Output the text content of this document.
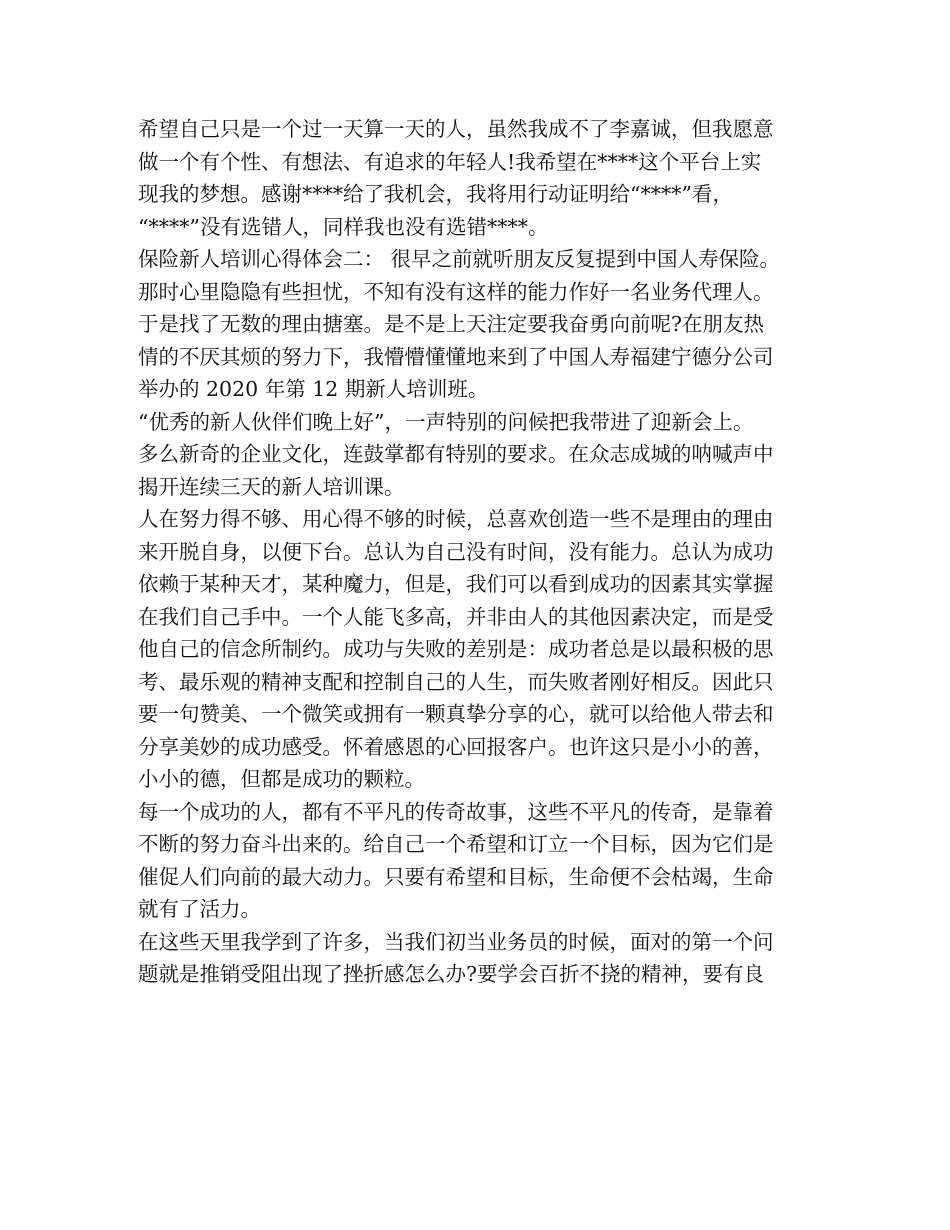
希望自己只是一个过一天算一天的人，虽然我成不了李嘉诚，但我愿意
做一个有个性、有想法、有追求的年轻人!我希望在****这个平台上实
现我的梦想。感谢****给了我机会，我将用行动证明给“****”看，
“****”没有选错人，同样我也没有选错****。
保险新人培训心得体会二： 很早之前就听朋友反复提到中国人寿保险。
那时心里隐隐有些担忧，不知有没有这样的能力作好一名业务代理人。
于是找了无数的理由搪塞。是不是上天注定要我奋勇向前呢?在朋友热
情的不厌其烦的努力下，我懵懵懂懂地来到了中国人寿福建宁德分公司
举办的 2020 年第 12 期新人培训班。
“优秀的新人伙伴们晚上好”，一声特别的问候把我带进了迎新会上。
多么新奇的企业文化，连鼓掌都有特别的要求。在众志成城的呐喊声中
揭开连续三天的新人培训课。
人在努力得不够、用心得不够的时候，总喜欢创造一些不是理由的理由
来开脱自身，以便下台。总认为自己没有时间，没有能力。总认为成功
依赖于某种天才，某种魔力，但是，我们可以看到成功的因素其实掌握
在我们自己手中。一个人能飞多高，并非由人的其他因素决定，而是受
他自己的信念所制约。成功与失败的差别是：成功者总是以最积极的思
考、最乐观的精神支配和控制自己的人生，而失败者刚好相反。因此只
要一句赞美、一个微笑或拥有一颗真挚分享的心，就可以给他人带去和
分享美妙的成功感受。怀着感恩的心回报客户。也许这只是小小的善，
小小的德，但都是成功的颗粒。
每一个成功的人，都有不平凡的传奇故事，这些不平凡的传奇，是靠着
不断的努力奋斗出来的。给自己一个希望和订立一个目标，因为它们是
催促人们向前的最大动力。只要有希望和目标，生命便不会枯竭，生命
就有了活力。
在这些天里我学到了许多，当我们初当业务员的时候，面对的第一个问
题就是推销受阻出现了挫折感怎么办?要学会百折不挠的精神，要有良
